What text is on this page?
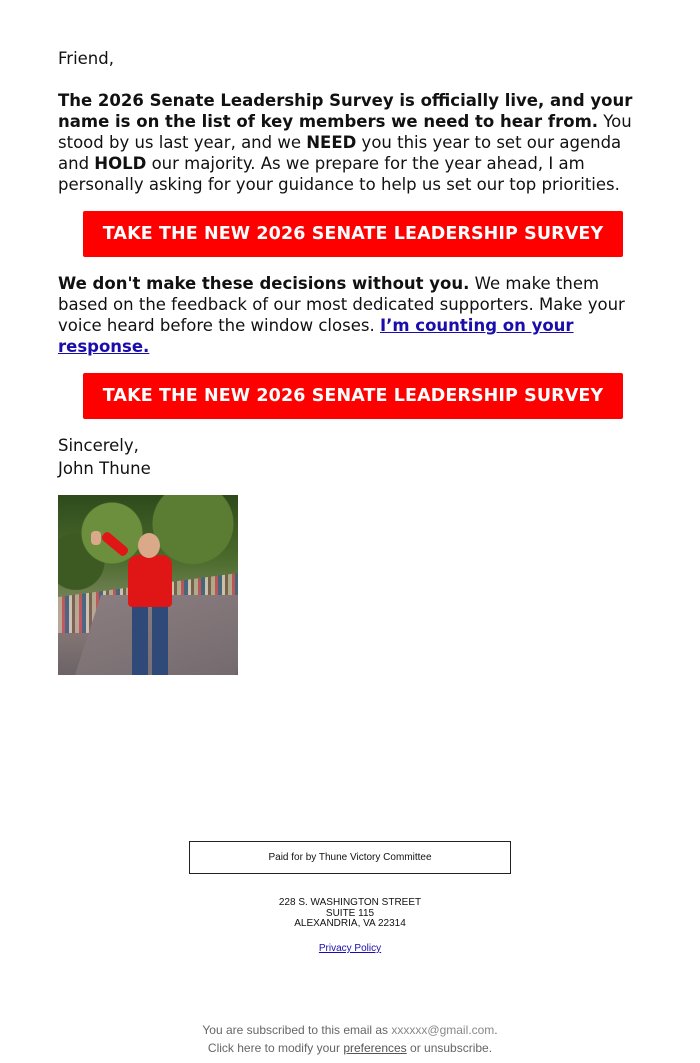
Friend,

The 2026 Senate Leadership Survey is officially live, and your name is on the list of key members we need to hear from. You stood by us last year, and we NEED you this year to set our agenda and HOLD our majority. As we prepare for the year ahead, I am personally asking for your guidance to help us set our top priorities.

TAKE THE NEW 2026 SENATE LEADERSHIP SURVEY

We don't make these decisions without you. We make them based on the feedback of our most dedicated supporters. Make your voice heard before the window closes. I’m counting on your response.

TAKE THE NEW 2026 SENATE LEADERSHIP SURVEY

Sincerely,

John Thune

Paid for by Thune Victory Committee
228 S. WASHINGTON STREET
SUITE 115
ALEXANDRIA, VA 22314
Privacy Policy
You are subscribed to this email as xxxxxx@gmail.com.
Click here to modify your preferences or unsubscribe.
